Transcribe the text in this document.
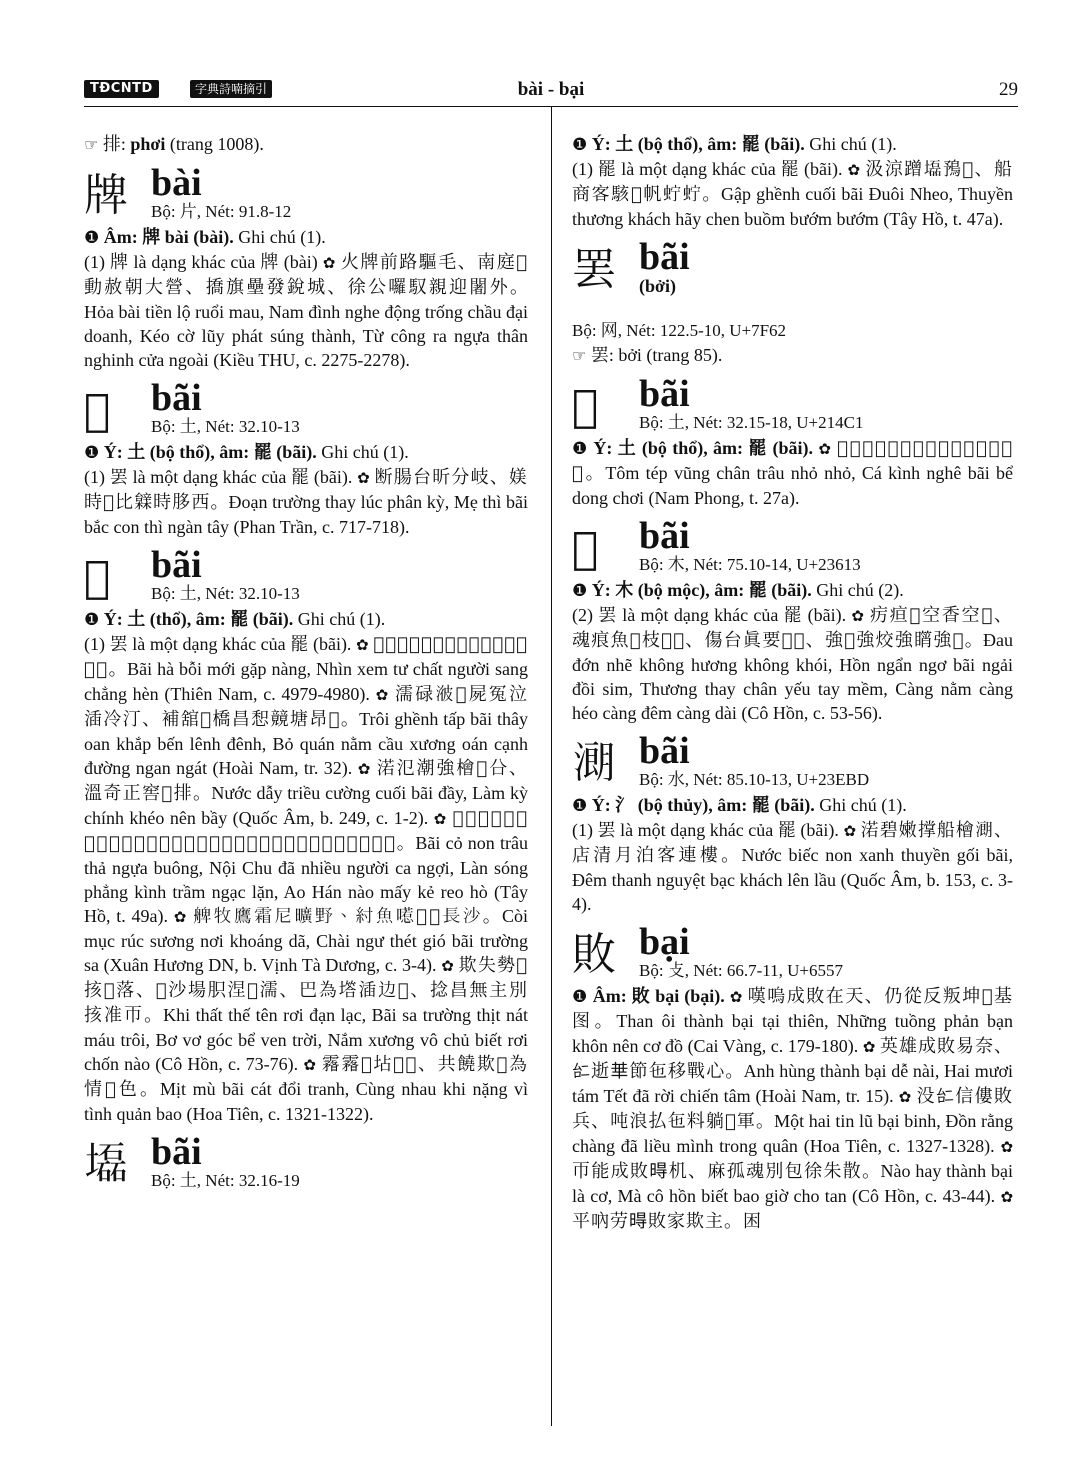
TĐCNTD	字典詩喃摘引	bài - bại	29

☞ 排: phơi (trang 1008).

牌 bài
Bộ: 片, Nét: 91.8-12

❶ Âm: 牌 bài (bài). Ghi chú (1).

(1) 牌 là dạng khác của 牌 (bài) ✿ 火牌前路驅毛、南庭𩙊動赦朝大營、撟旗壘發銳城、徐公囉馭親迎闍外。Hỏa bài tiền lộ ruổi mau, Nam đình nghe động trống chầu đại doanh, Kéo cờ lũy phát súng thành, Từ công ra ngựa thân nghinh cửa ngoài (Kiều THU, c. 2275-2278).

𡍢 bãi
Bộ: 土, Nét: 32.10-13

❶ Ý: 土 (bộ thổ), âm: 罷 (bãi). Ghi chú (1).

(1) 罢 là một dạng khác của 罷 (bãi). ✿ 断腸台昕分岐、媄時𡍢比䢄時䏧西。Đoạn trường thay lúc phân kỳ, Mẹ thì bãi bắc con thì ngàn tây (Phan Trần, c. 717-718).

𡓇 bãi
Bộ: 土, Nét: 32.10-13

❶ Ý: 土 (thổ), âm: 罷 (bãi). Ghi chú (1).

(1) 罢 là một dạng khác của 罷 (bãi). ✿ 𡓇河黝買及娘、𥚄祐姿質馭𡗶揉𨇒。Bãi hà bỗi mới gặp nàng, Nhìn xem tư chất người sang chẳng hèn (Thiên Nam, c. 4979-4980). ✿ 濡碌𣷭𡓇屍冤泣㴙冷汀、補舘𧿨橋昌惒竸塘昂𦹵。Trôi ghềnh tấp bãi thây oan khắp bến lênh đênh, Bỏ quán nằm cầu xương oán cạnh đường ngan ngát (Hoài Nam, tr. 32). ✿ 渃氾潮強檜𡓇㕣、溫奇正窖𨁪排。Nước dẫy triều cường cuối bãi đầy, Làm kỳ chính khéo nên bầy (Quốc Âm, b. 249, c. 1-2). ✿ 𡓇𦹳㜺𤛠旦馭芃、㘨周㐌𩯀馭歌議、瀾湃彷鯨沉鰐吝、泑漢帀𠇍几嘹呼。Bãi cỏ non trâu thả ngựa buông, Nội Chu đã nhiều người ca ngợi, Làn sóng phẳng kình trầm ngạc lặn, Ao Hán nào mấy kẻ reo hò (Tây Hồ, t. 49a). ✿ 𦩖牧鷹霜尼曠野、紂魚㘃𦛋𡓇長沙。Còi mục rúc sương nơi khoáng dã, Chài ngư thét gió bãi trường sa (Xuân Hương DN, b. Vịnh Tà Dương, c. 3-4). ✿ 欺失勢𦀊㧡𥕄落、𡓇沙場胑涅𢬗濡、巴為㙮㴙边𡿸、捻昌無主別㧡准帀。Khi thất thế tên rơi đạn lạc, Bãi sa trường thịt nát máu trôi, Bơ vơ góc bể ven trời, Nắm xương vô chủ biết rơi chốn nào (Cô Hồn, c. 73-76). ✿ 霿霿𡓇坫𩈘𦹯、共饒欺𥖑為情𣈗色。Mịt mù bãi cát đổi tranh, Cùng nhau khi nặng vì tình quản bao (Hoa Tiên, c. 1321-1322).

𡓃 bãi
Bộ: 土, Nét: 32.16-19

❶ Ý: 土 (bộ thổ), âm: 罷 (bãi). Ghi chú (1).

(1) 罷 là một dạng khác của 罷 (bãi). ✿ 汲涼蹭𡓃𩿗𩼷、船商客駭𨫊帆𧉞𧉞。Gập ghềnh cuối bãi Đuôi Nheo, Thuyền thương khách hãy chen buồm bướm bướm (Tây Hồ, t. 47a).

罢 bãi
(bởi)

Bộ: 网, Nét: 122.5-10, U+7F62

☞ 罢: bởi (trang 85).

𡓁 bãi
Bộ: 土, Nét: 32.15-18, U+214C1

❶ Ý: 土 (bộ thổ), âm: 罷 (bãi). ✿ 𩵽𩷛漆真𤛇𧾿𧾿、亇鯨鯇𡓁㴙容制。Tôm tép vũng chân trâu nhỏ nhỏ, Cá kình nghê bãi bể dong chơi (Nam Phong, t. 27a).

𣘓 bãi
Bộ: 木, Nét: 75.10-14, U+23613

❶ Ý: 木 (bộ mộc), âm: 罷 (bãi). Ghi chú (2).

(2) 罢 là một dạng khác của 罷 (bãi). ✿ 疠疸𣘓空香空𤌋、魂痕魚𣘓枝𩈘𦲺、傷台眞要𢰊𥢆、強𨇒強烄強𥋘強𦢀。Đau đớn nhẽ không hương không khói, Hồn ngẩn ngơ bãi ngải đồi sim, Thương thay chân yếu tay mềm, Càng nằm càng héo càng đêm càng dài (Cô Hồn, c. 53-56).

𣼽 bãi
Bộ: 水, Nét: 85.10-13, U+23EBD

❶ Ý: 氵 (bộ thủy), âm: 罷 (bãi). Ghi chú (1).

(1) 罢 là một dạng khác của 罷 (bãi). ✿ 渃碧嫩撑船檜𣼽、店清月泊客連樓。Nước biếc non xanh thuyền gối bãi, Đêm thanh nguyệt bạc khách lên lầu (Quốc Âm, b. 153, c. 3-4).

敗 bại
Bộ: 攴, Nét: 66.7-11, U+6557

❶ Âm: 敗 bại (bại). ✿ 嘆嗚成敗在天、仍從反叛坤𨁪基图。Than ôi thành bại tại thiên, Những tuồng phản bạn khôn nên cơ đồ (Cai Vàng, c. 179-180). ✿ 英雄成敗易奈、𠄩逝𠦒節㐌移戰心。Anh hùng thành bại dễ nài, Hai mươi tám Tết đã rời chiến tâm (Hoài Nam, tr. 15). ✿ 没𠄩信僂敗兵、吨浪払㐌料躺𨉟軍。Một hai tin lũ bại binh, Đồn rằng chàng đã liều mình trong quân (Hoa Tiên, c. 1327-1328). ✿ 帀能成敗𣈜机、麻孤魂別包徐朱散。Nào hay thành bại là cơ, Mà cô hồn biết bao giờ cho tan (Cô Hồn, c. 43-44). ✿ 平吶劳𣈜敗家欺主。困
